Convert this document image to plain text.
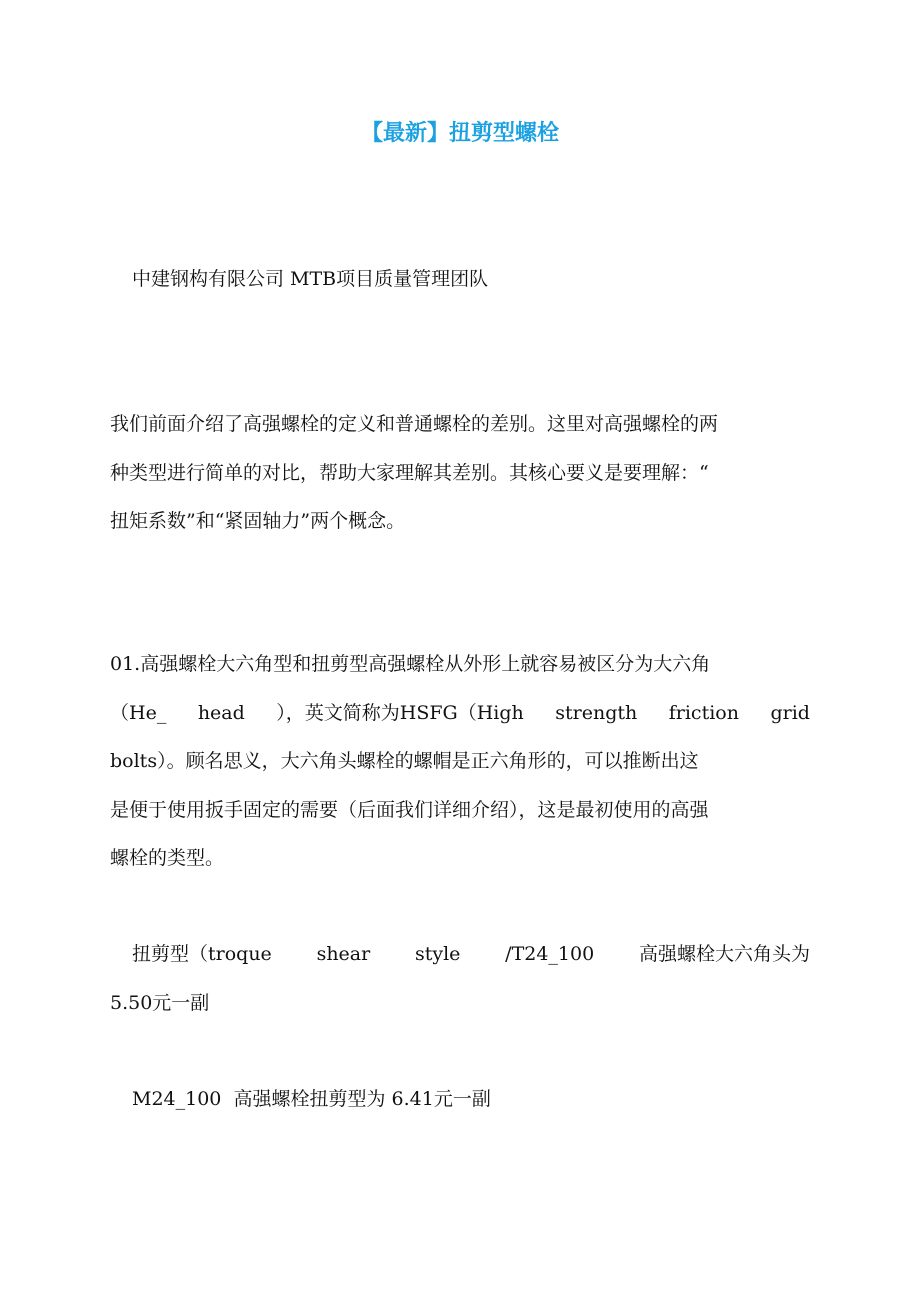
【最新】扭剪型螺栓

中建钢构有限公司 MTB项目质量管理团队

我们前面介绍了高强螺栓的定义和普通螺栓的差别。这里对高强螺栓的两
种类型进行简单的对比，帮助大家理解其差别。其核心要义是要理解：“
扭矩系数”和“紧固轴力”两个概念。
01.高强螺栓大六角型和扭剪型高强螺栓从外形上就容易被区分为大六角
（He_ head ），英文简称为HSFG（High strength friction grid
bolts）。顾名思义，大六角头螺栓的螺帽是正六角形的，可以推断出这
是便于使用扳手固定的需要（后面我们详细介绍），这是最初使用的高强
螺栓的类型。
扭剪型（troque shear style /T24_100 高强螺栓大六角头为
5.50元一副
M24_100  高强螺栓扭剪型为 6.41元一副
